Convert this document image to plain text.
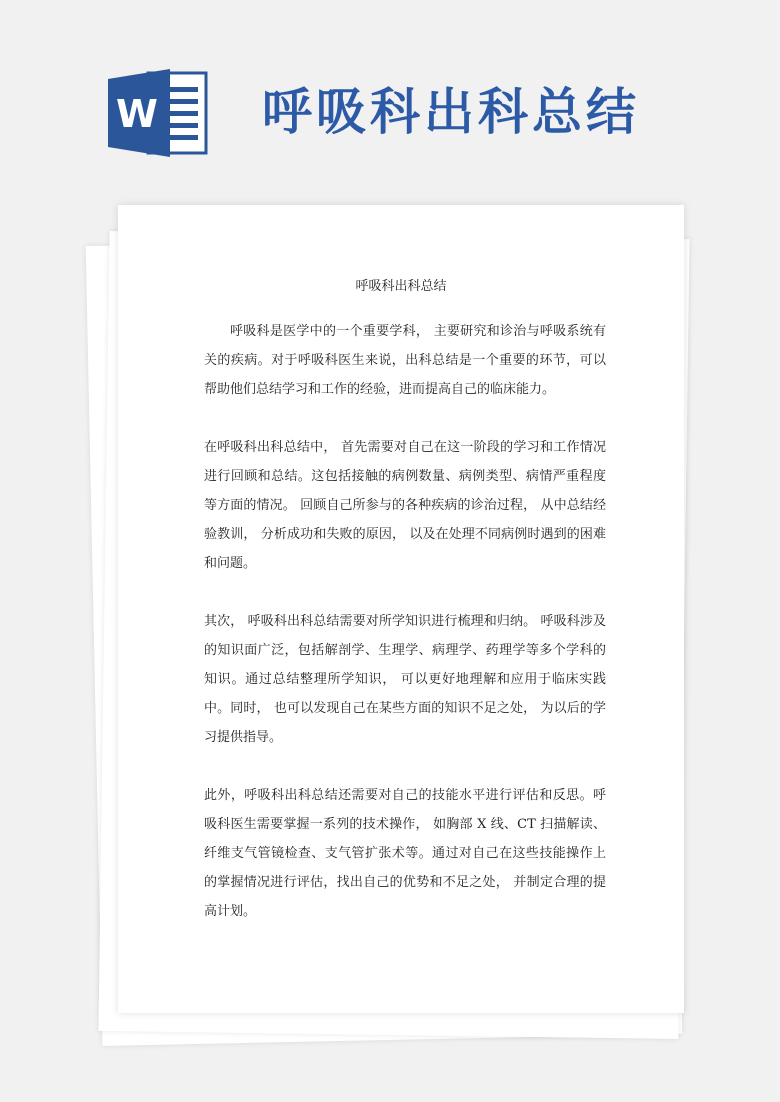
W 呼吸科出科总结
呼吸科出科总结

呼吸科是医学中的一个重要学科， 主要研究和诊治与呼吸系统有关的疾病。对于呼吸科医生来说，出科总结是一个重要的环节，可以帮助他们总结学习和工作的经验，进而提高自己的临床能力。

在呼吸科出科总结中， 首先需要对自己在这一阶段的学习和工作情况进行回顾和总结。这包括接触的病例数量、病例类型、病情严重程度等方面的情况。 回顾自己所参与的各种疾病的诊治过程， 从中总结经验教训， 分析成功和失败的原因， 以及在处理不同病例时遇到的困难和问题。

其次， 呼吸科出科总结需要对所学知识进行梳理和归纳。 呼吸科涉及的知识面广泛，包括解剖学、生理学、病理学、药理学等多个学科的知识。通过总结整理所学知识， 可以更好地理解和应用于临床实践中。同时， 也可以发现自己在某些方面的知识不足之处， 为以后的学习提供指导。

此外，呼吸科出科总结还需要对自己的技能水平进行评估和反思。呼吸科医生需要掌握一系列的技术操作， 如胸部 X 线、CT 扫描解读、纤维支气管镜检查、支气管扩张术等。通过对自己在这些技能操作上的掌握情况进行评估，找出自己的优势和不足之处， 并制定合理的提高计划。
